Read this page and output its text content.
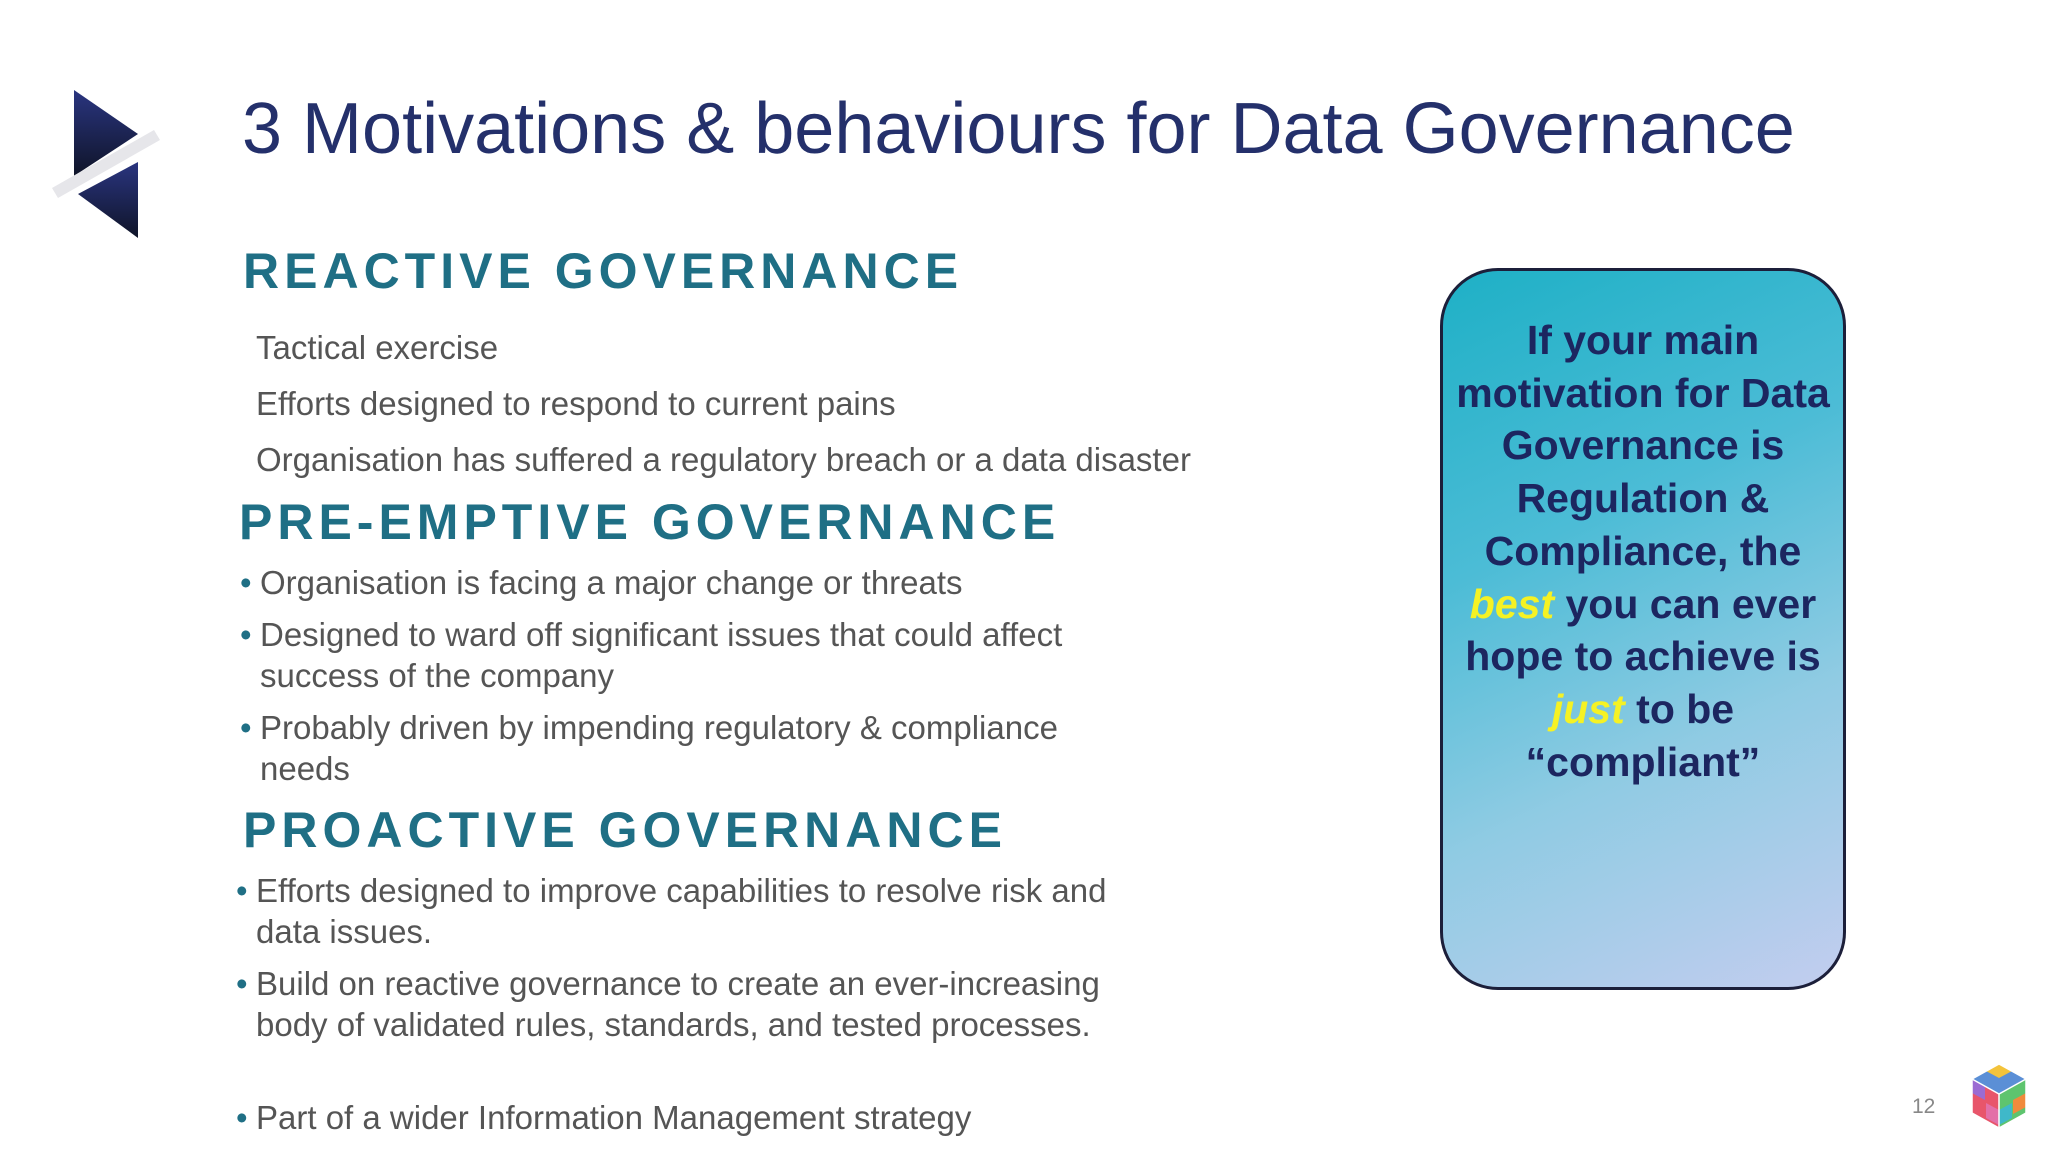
3 Motivations & behaviours for Data Governance
REACTIVE GOVERNANCE

Tactical exercise

Efforts designed to respond to current pains

Organisation has suffered a regulatory breach or a data disaster

PRE-EMPTIVE GOVERNANCE
• Organisation is facing a major change or threats
• Designed to ward off significant issues that could affect success of the company
• Probably driven by impending regulatory & compliance needs
PROACTIVE GOVERNANCE
• Efforts designed to improve capabilities to resolve risk and data issues.
• Build on reactive governance to create an ever-increasing body of validated rules, standards, and tested processes.
• Part of a wider Information Management strategy

If your main motivation for Data Governance is Regulation & Compliance, the best you can ever hope to achieve is just to be “compliant”

12
